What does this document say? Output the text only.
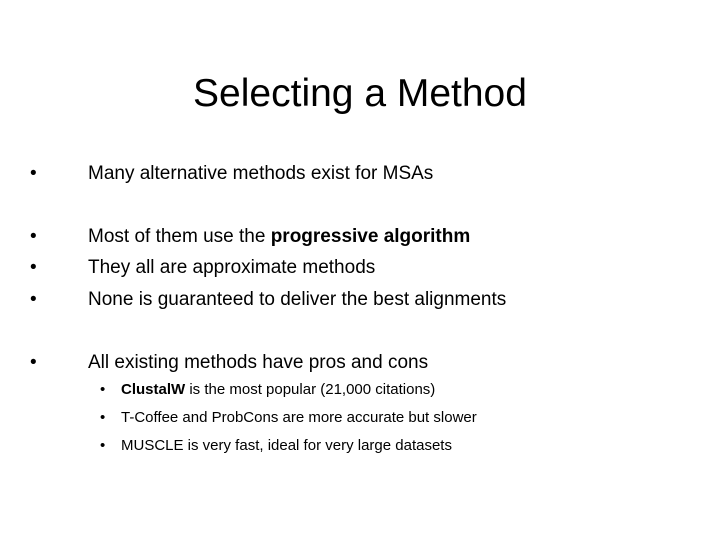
Selecting a Method
•	Many alternative methods exist for MSAs
•	Most of them use the progressive algorithm
•	They all are approximate methods
•	None is guaranteed to deliver the best alignments
•	All existing methods have pros and cons
• ClustalW is the most popular (21,000 citations)
• T-Coffee and ProbCons are more accurate but slower
• MUSCLE is very fast, ideal for very large datasets
